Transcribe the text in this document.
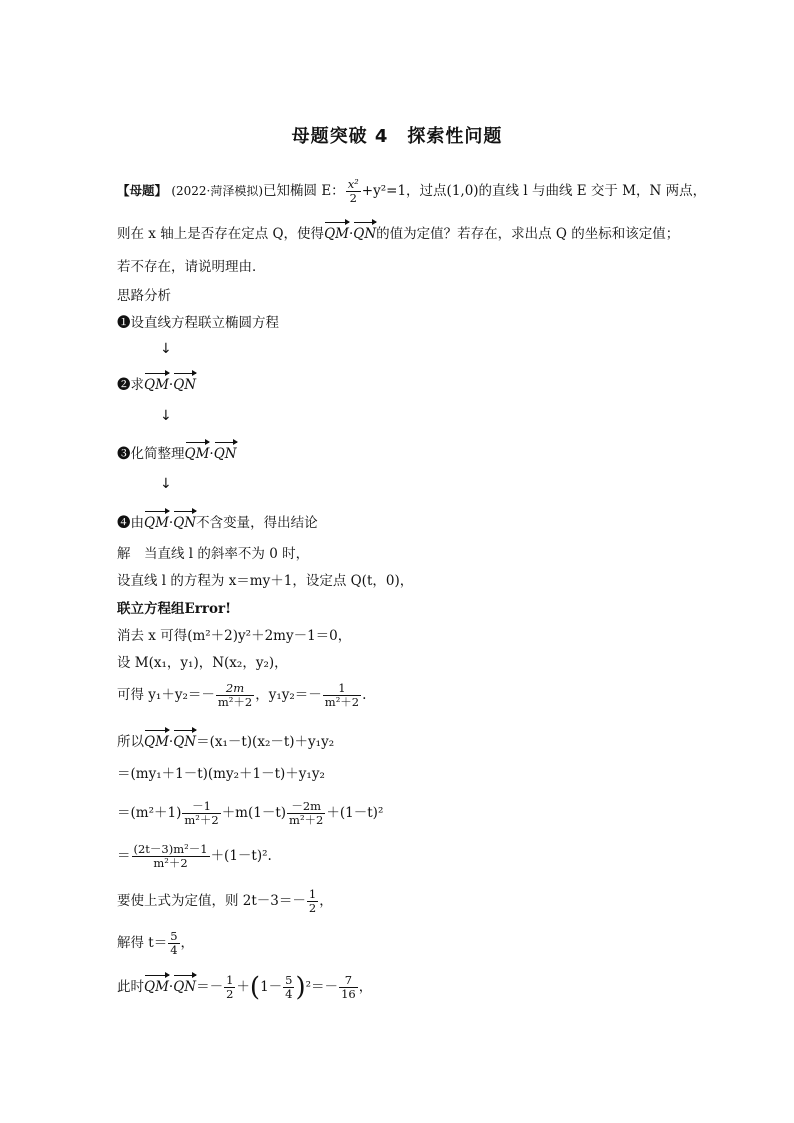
母题突破 4　探索性问题
【母题】 (2022·菏泽模拟)已知椭圆 E： $\frac{\text{x²}}{2} +y^2=1$，过点(1,0)的直线 l 与曲线 E 交于 M，N 两点，
则在 x 轴上是否存在定点 Q，使得QM·QN的值为定值？若存在，求出点 Q 的坐标和该定值；
若不存在，请说明理由．
思路分析
❶设直线方程联立椭圆方程
↓
❷求QM·QN
↓
❸化简整理QM·QN
↓
❹由QM·QN不含变量，得出结论
解　当直线 l 的斜率不为 0 时，
设直线 l 的方程为 x＝my＋1，设定点 Q(t，0)，
联立方程组Error!
消去 x 可得(m²＋2)y²＋2my－1＝0，
设 M(x₁，y₁)，N(x₂，y₂)，
可得 $y_1+y_2=- \frac{2m}{\text{m²＋2}}$ ，$y_1y_2=- \frac{1}{\text{m²＋2}}$ .
所以QM·QN＝(x₁－t)(x₂－t)＋y₁y₂
＝(my₁＋1－t)(my₂＋1－t)＋y₁y₂
$=(m^2+1) \frac{-1}{\text{m²＋2}} +m(1-t) \frac{-2m}{\text{m²＋2}} +(1-t)^2$
＝ $\frac{\text{(2t－3)m²－1}}{\text{m²＋2}} +(1-t)^2$.
要使上式为定值，则 $2t-3=- \frac{1}{2}$ ，
解得 $t= \frac{5}{4}$ ，
此时$QM\cdot QN=- \frac{1}{2} +(1- \frac{5}{4} )^2=- \frac{7}{16}$ ，
